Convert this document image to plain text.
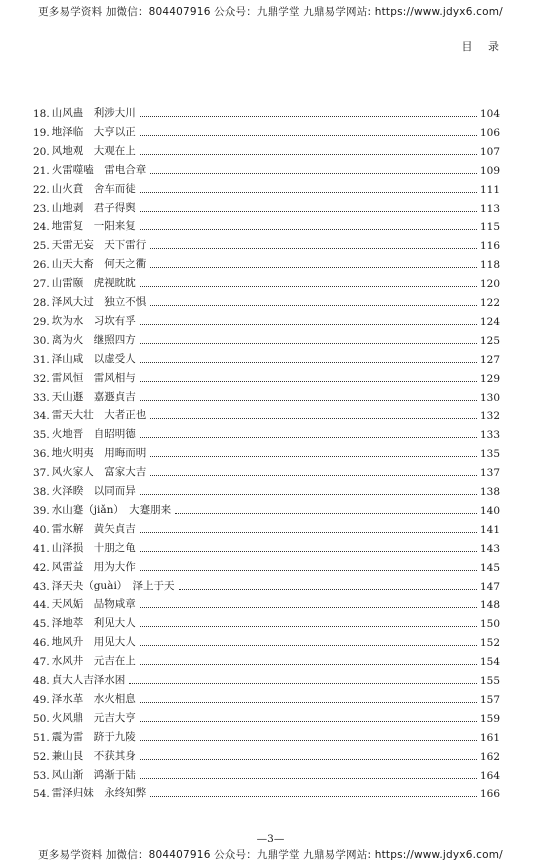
更多易学资料 加微信：804407916 公众号：九鼎学堂 九鼎易学网站: https://www.jdyx6.com/
目 录
18. 山风蛊　利涉大川	104
19. 地泽临　大亨以正	106
20. 风地观　大观在上	107
21. 火雷噬嗑　雷电合章	109
22. 山火賁　舍车而徒	111
23. 山地剥　君子得舆	113
24. 地雷复　一阳来复	115
25. 天雷无妄　天下雷行	116
26. 山天大畜　何天之衢	118
27. 山雷颐　虎视眈眈	120
28. 泽风大过　独立不惧	122
29. 坎为水　习坎有孚	124
30. 离为火　继照四方	125
31. 泽山咸　以虚受人	127
32. 雷风恒　雷风相与	129
33. 天山遯　嘉遯貞吉	130
34. 雷天大壮　大者正也	132
35. 火地晋　自昭明德	133
36. 地火明夷　用晦而明	135
37. 风火家人　富家大吉	137
38. 火泽睽　以同而异	138
39. 水山蹇（jiǎn）　大蹇朋来	140
40. 雷水解　黄矢貞吉	141
41. 山泽损　十朋之龟	143
42. 风雷益　用为大作	145
43. 泽天夬（guài）　泽上于天	147
44. 天风姤　品物咸章	148
45. 泽地萃　利见大人	150
46. 地风升　用见大人	152
47. 水风井　元吉在上	154
48. 貞大人吉泽水困	155
49. 泽水革　水火相息	157
50. 火风鼎　元吉大亨	159
51. 震为雷　跻于九陵	161
52. 兼山艮　不获其身	162
53. 风山渐　鸿渐于陆	164
54. 雷泽归妹　永终知弊	166
—3—
更多易学资料 加微信：804407916 公众号：九鼎学堂 九鼎易学网站: https://www.jdyx6.com/
